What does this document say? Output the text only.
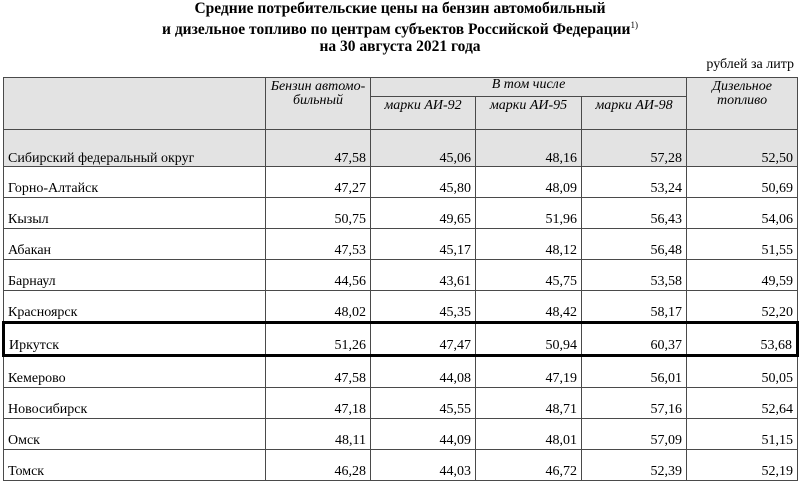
Средние потребительские цены на бензин автомобильный
и дизельное топливо по центрам субъектов Российской Федерации$^{1)}$
на 30 августа 2021 года
рублей за литр
	Бензин автомо-бильный	В том числе			Дизельное топливо
		марки АИ-92	марки АИ-95	марки АИ-98	
Сибирский федеральный округ	47,58	45,06	48,16	57,28	52,50
Горно-Алтайск	47,27	45,80	48,09	53,24	50,69
Кызыл	50,75	49,65	51,96	56,43	54,06
Абакан	47,53	45,17	48,12	56,48	51,55
Барнаул	44,56	43,61	45,75	53,58	49,59
Красноярск	48,02	45,35	48,42	58,17	52,20
Иркутск	51,26	47,47	50,94	60,37	53,68
Кемерово	47,58	44,08	47,19	56,01	50,05
Новосибирск	47,18	45,55	48,71	57,16	52,64
Омск	48,11	44,09	48,01	57,09	51,15
Томск	46,28	44,03	46,72	52,39	52,19
